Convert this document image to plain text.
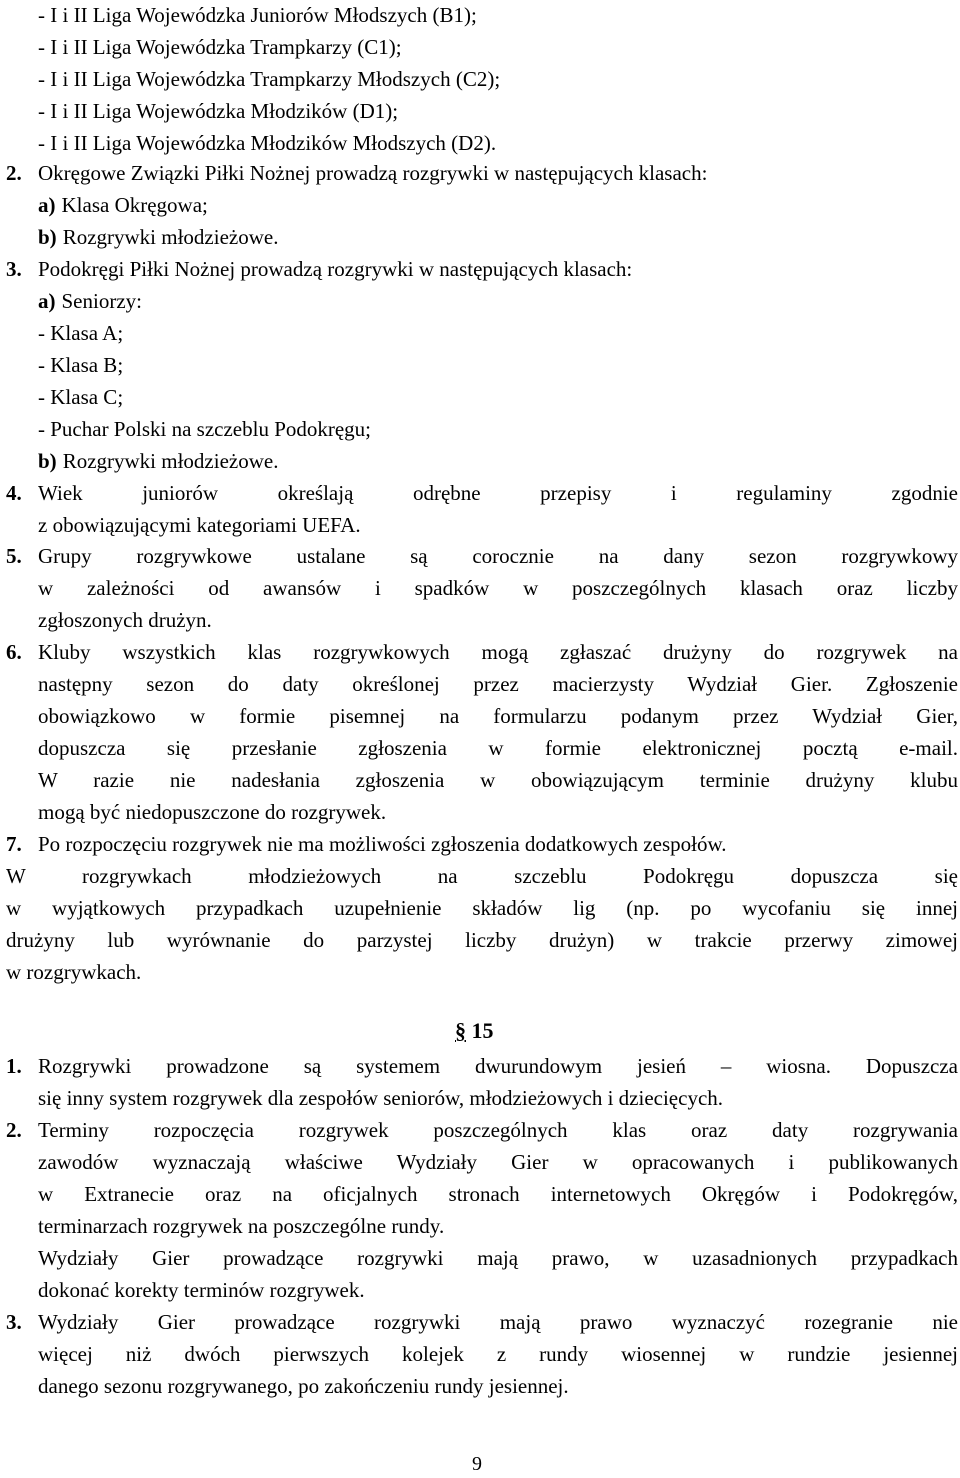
- I i II Liga Wojewódzka Juniorów Młodszych (B1);
- I i II Liga Wojewódzka Trampkarzy (C1);
- I i II Liga Wojewódzka Trampkarzy Młodszych (C2);
- I i II Liga Wojewódzka Młodzików (D1);
- I i II Liga Wojewódzka Młodzików Młodszych (D2).
2. Okręgowe Związki Piłki Nożnej prowadzą rozgrywki w następujących klasach:
a) Klasa Okręgowa;
b) Rozgrywki młodzieżowe.
3. Podokręgi Piłki Nożnej prowadzą rozgrywki w następujących klasach:
a) Seniorzy:
- Klasa A;
- Klasa B;
- Klasa C;
- Puchar Polski na szczeblu Podokręgu;
b) Rozgrywki młodzieżowe.
4. Wiek juniorów określają odrębne przepisy i regulaminy zgodnie
z obowiązującymi kategoriami UEFA.
5. Grupy rozgrywkowe ustalane są corocznie na dany sezon rozgrywkowy
w zależności od awansów i spadków w poszczególnych klasach oraz liczby
zgłoszonych drużyn.
6. Kluby wszystkich klas rozgrywkowych mogą zgłaszać drużyny do rozgrywek na
następny sezon do daty określonej przez macierzysty Wydział Gier. Zgłoszenie
obowiązkowo w formie pisemnej na formularzu podanym przez Wydział Gier,
dopuszcza się przesłanie zgłoszenia w formie elektronicznej pocztą e-mail.
W razie nie nadesłania zgłoszenia w obowiązującym terminie drużyny klubu
mogą być niedopuszczone do rozgrywek.
7. Po rozpoczęciu rozgrywek nie ma możliwości zgłoszenia dodatkowych zespołów.
W rozgrywkach młodzieżowych na szczeblu Podokręgu dopuszcza się
w wyjątkowych przypadkach uzupełnienie składów lig (np. po wycofaniu się innej
drużyny lub wyrównanie do parzystej liczby drużyn) w trakcie przerwy zimowej
w rozgrywkach.
§ 15
1. Rozgrywki prowadzone są systemem dwurundowym jesień – wiosna. Dopuszcza
się inny system rozgrywek dla zespołów seniorów, młodzieżowych i dziecięcych.
2. Terminy rozpoczęcia rozgrywek poszczególnych klas oraz daty rozgrywania
zawodów wyznaczają właściwe Wydziały Gier w opracowanych i publikowanych
w Extranecie oraz na oficjalnych stronach internetowych Okręgów i Podokręgów,
terminarzach rozgrywek na poszczególne rundy.
Wydziały Gier prowadzące rozgrywki mają prawo, w uzasadnionych przypadkach
dokonać korekty terminów rozgrywek.
3. Wydziały Gier prowadzące rozgrywki mają prawo wyznaczyć rozegranie nie
więcej niż dwóch pierwszych kolejek z rundy wiosennej w rundzie jesiennej
danego sezonu rozgrywanego, po zakończeniu rundy jesiennej.
9
